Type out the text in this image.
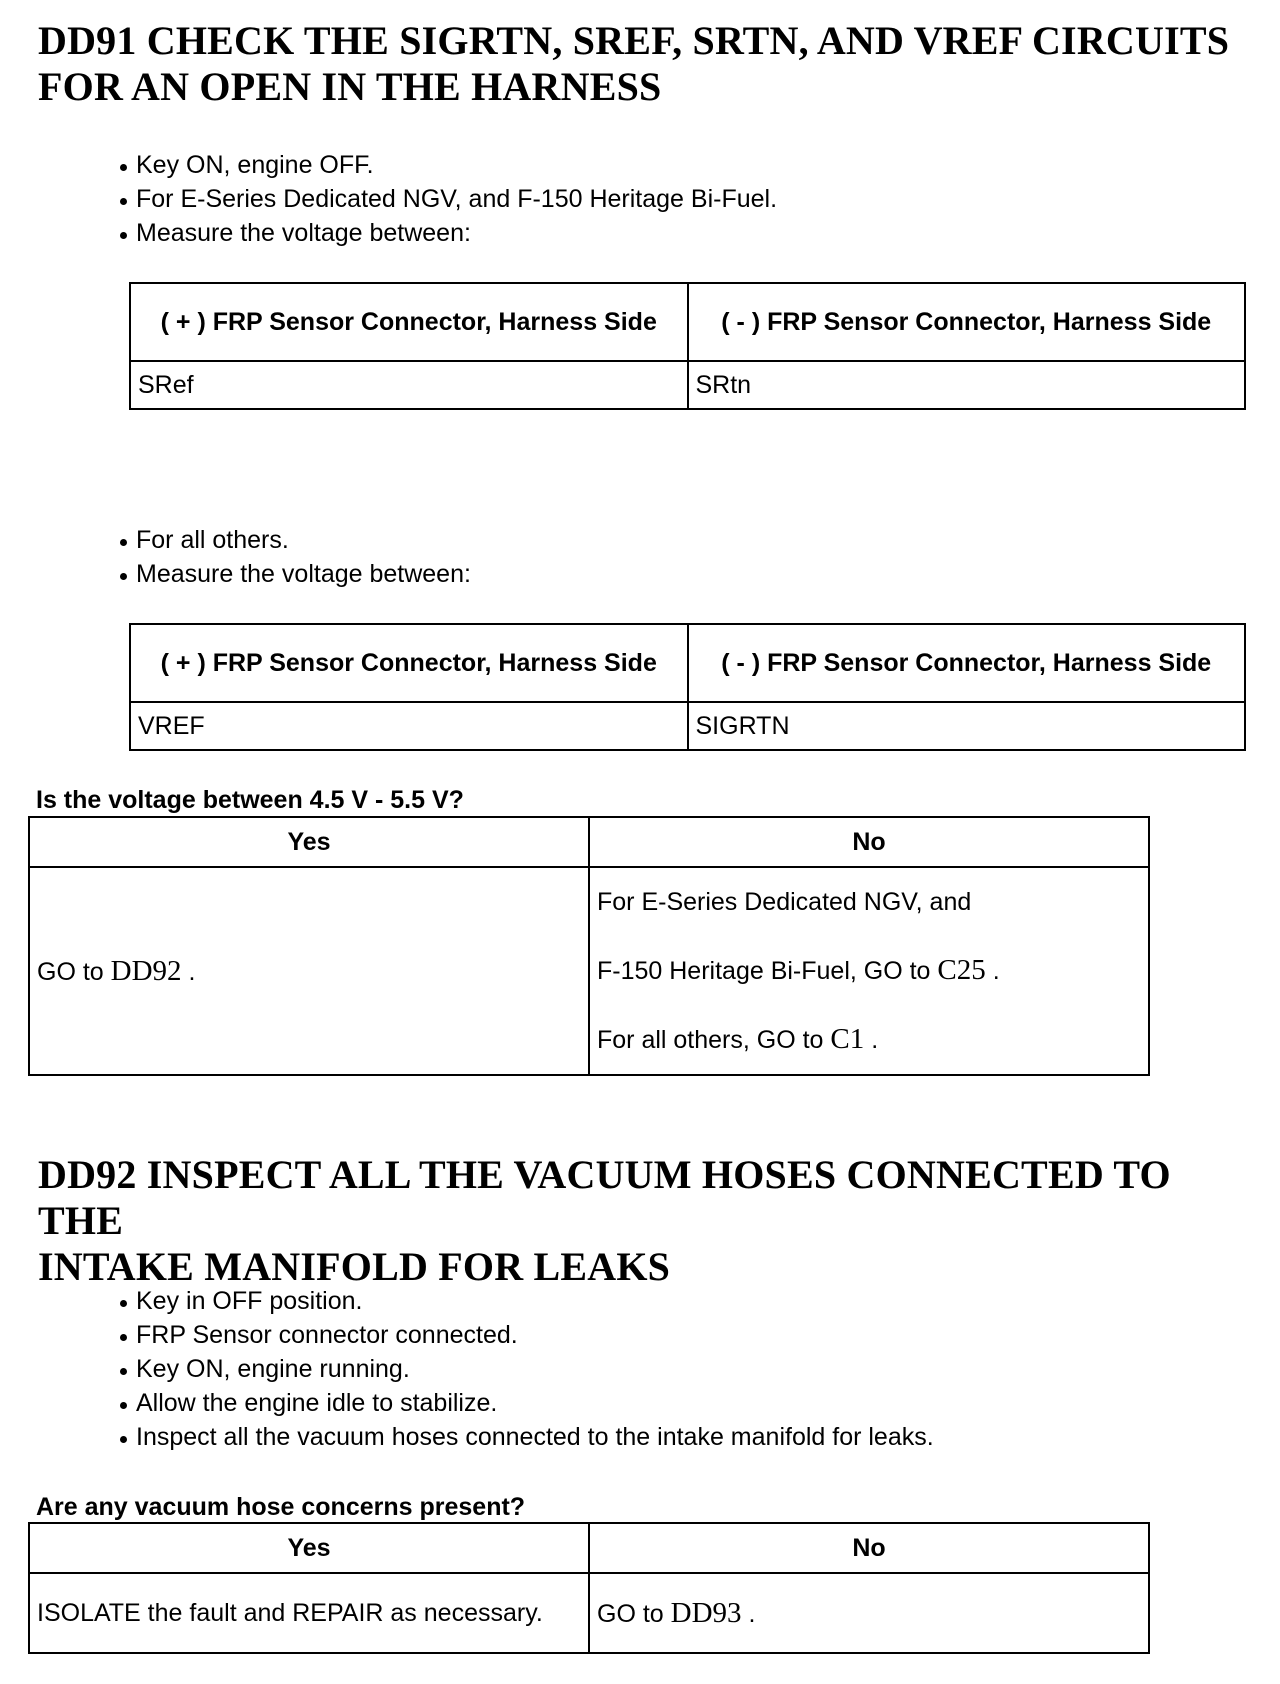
DD91 CHECK THE SIGRTN, SREF, SRTN, AND VREF CIRCUITS
FOR AN OPEN IN THE HARNESS
Key ON, engine OFF.
For E-Series Dedicated NGV, and F-150 Heritage Bi-Fuel.
Measure the voltage between:
( + ) FRP Sensor Connector, Harness Side	( - ) FRP Sensor Connector, Harness Side
SRef	SRtn
For all others.
Measure the voltage between:
( + ) FRP Sensor Connector, Harness Side	( - ) FRP Sensor Connector, Harness Side
VREF	SIGRTN
Is the voltage between 4.5 V - 5.5 V?
Yes	No
GO to DD92 .	For E-Series Dedicated NGV, and
F-150 Heritage Bi-Fuel, GO to C25 .
For all others, GO to C1 .
DD92 INSPECT ALL THE VACUUM HOSES CONNECTED TO THE
INTAKE MANIFOLD FOR LEAKS
Key in OFF position.
FRP Sensor connector connected.
Key ON, engine running.
Allow the engine idle to stabilize.
Inspect all the vacuum hoses connected to the intake manifold for leaks.
Are any vacuum hose concerns present?
Yes	No
ISOLATE the fault and REPAIR as necessary.	GO to DD93 .
